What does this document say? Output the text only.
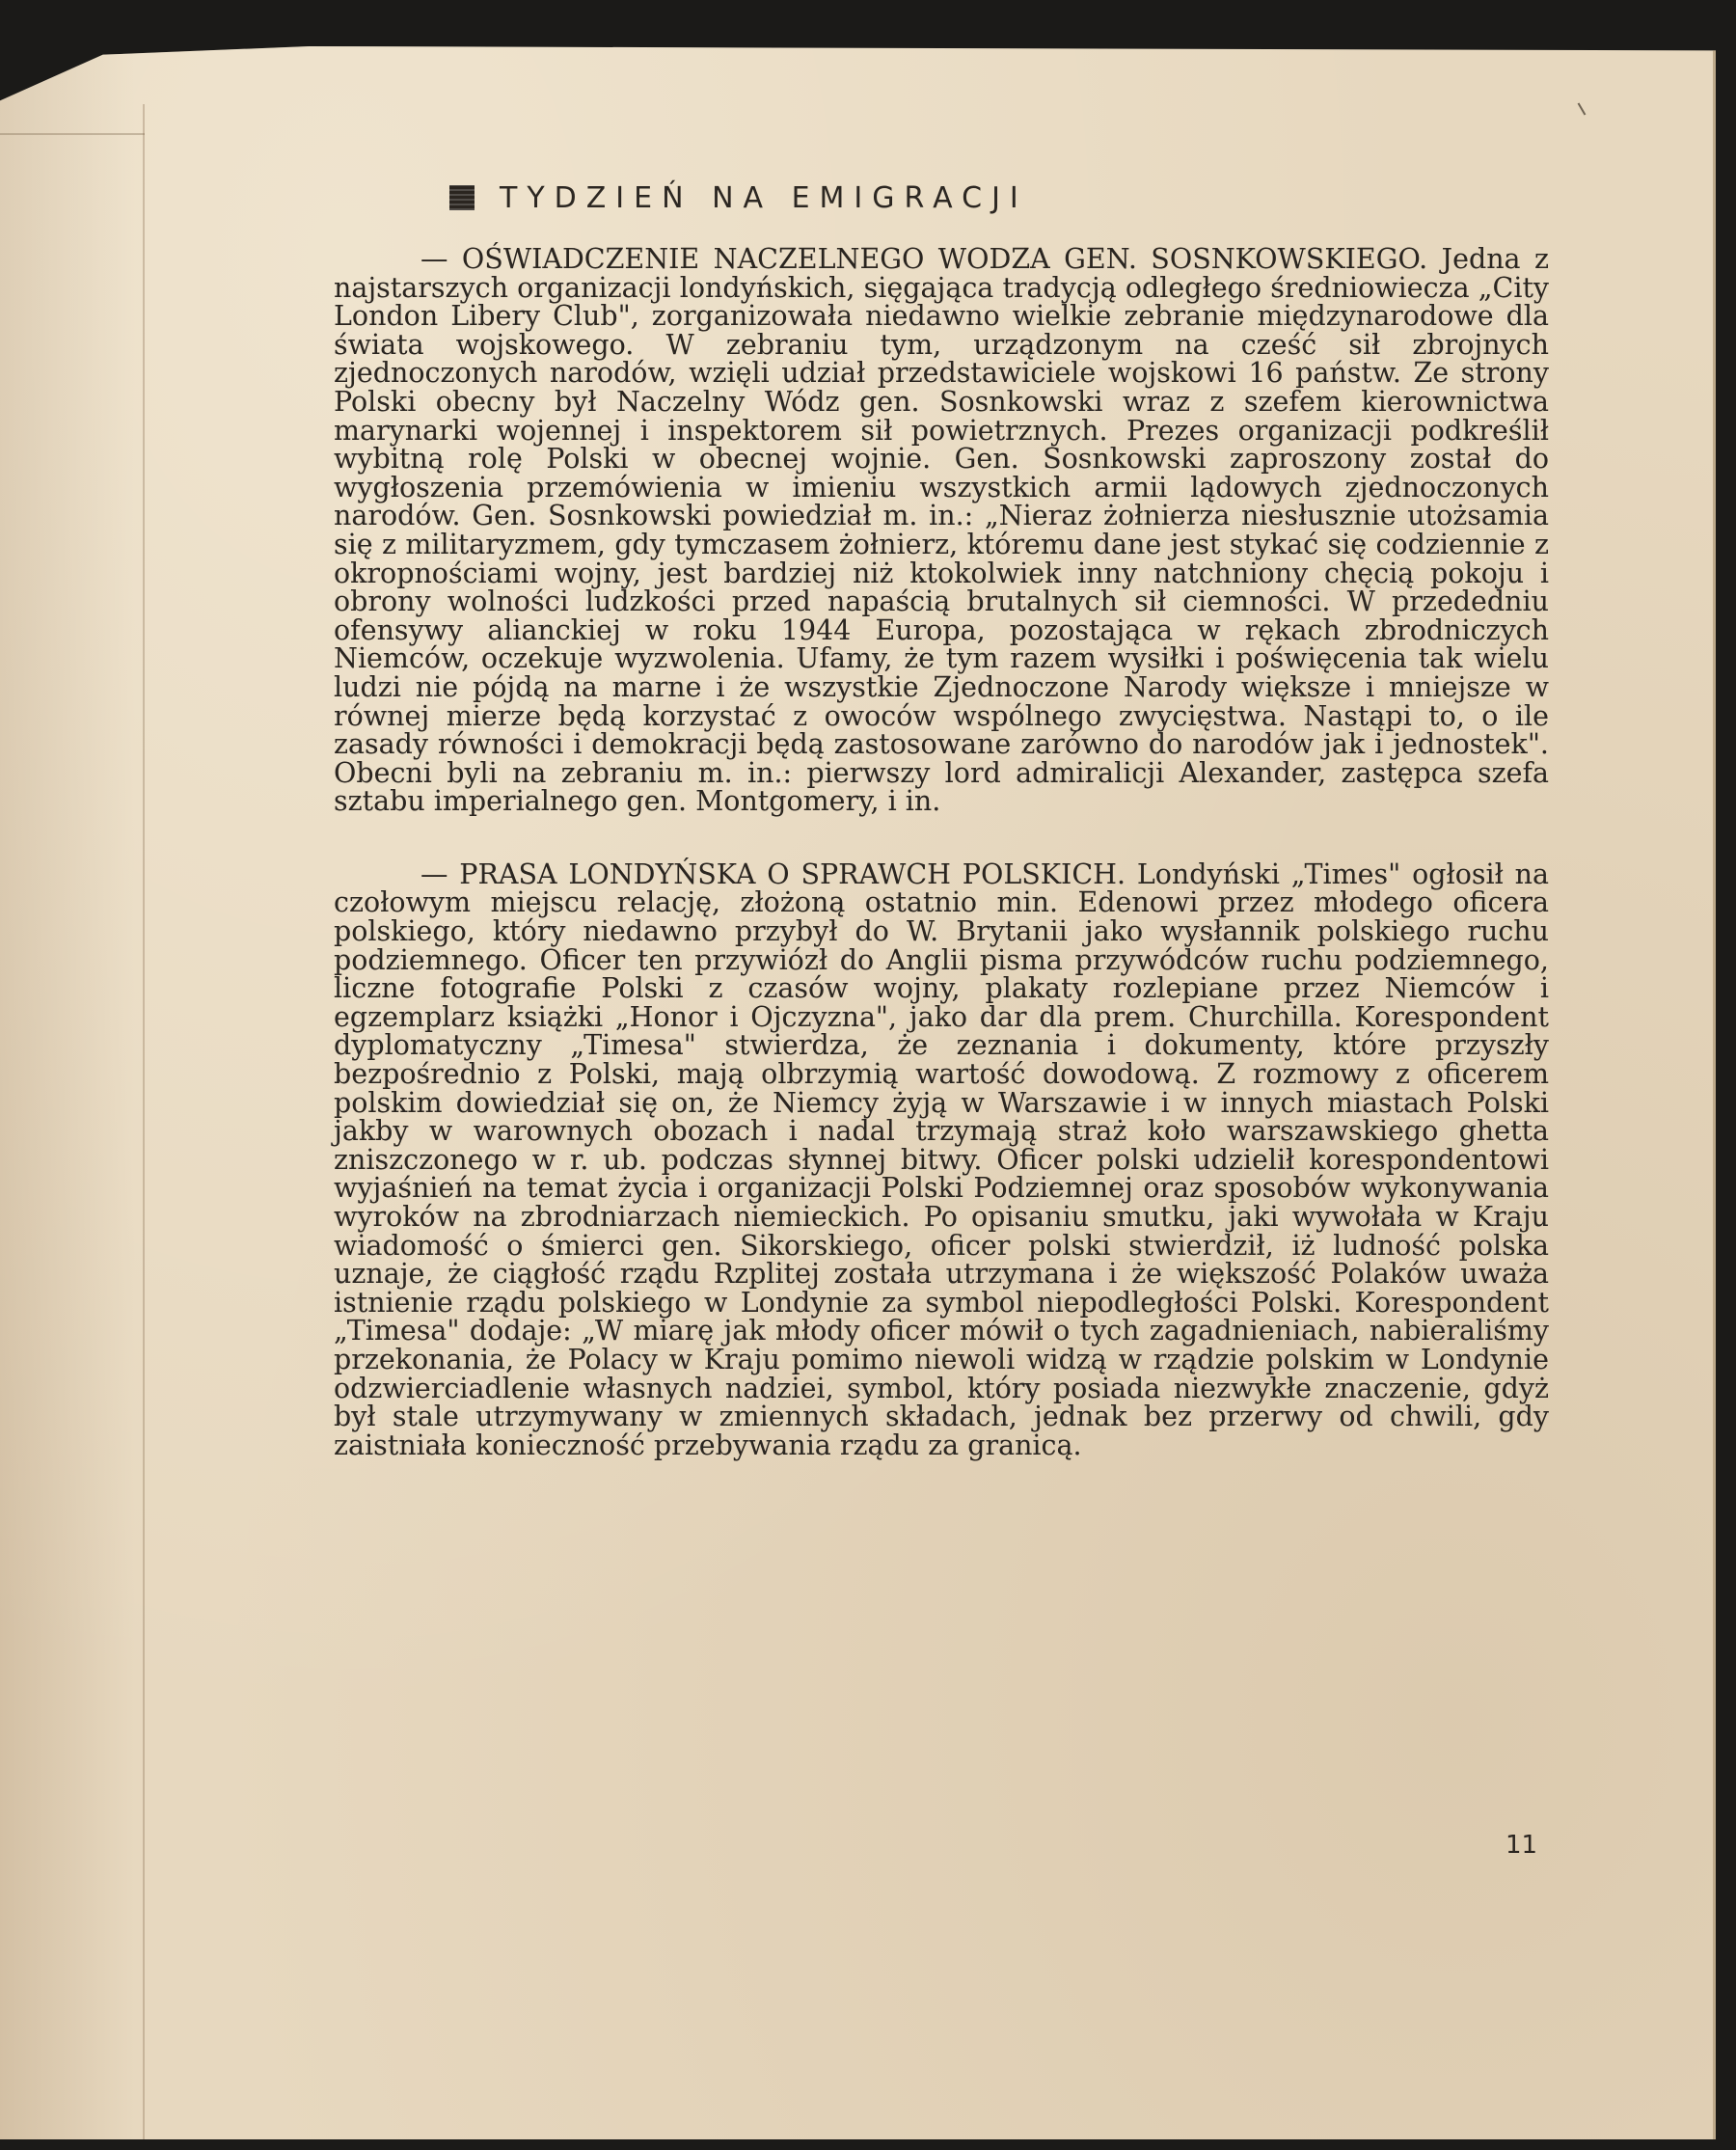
TYDZIEŃ NA EMIGRACJI

— OŚWIADCZENIE NACZELNEGO WODZA GEN. SOSNKOWSKIEGO. Jedna z najstarszych organizacji londyńskich, sięgająca tradycją odległego średniowiecza „City London Libery Club", zorganizowała niedawno wielkie zebranie międzynarodowe dla świata wojskowego. W zebraniu tym, urządzonym na cześć sił zbrojnych zjednoczonych narodów, wzięli udział przedstawiciele wojskowi 16 państw. Ze strony Polski obecny był Naczelny Wódz gen. Sosnkowski wraz z szefem kierownictwa marynarki wojennej i inspektorem sił powietrznych. Prezes organizacji podkreślił wybitną rolę Polski w obecnej wojnie. Gen. Sosnkowski zaproszony został do wygłoszenia przemówienia w imieniu wszystkich armii lądowych zjednoczonych narodów. Gen. Sosnkowski powiedział m. in.: „Nieraz żołnierza niesłusznie utożsamia się z militaryzmem, gdy tymczasem żołnierz, któremu dane jest stykać się codziennie z okropnościami wojny, jest bardziej niż ktokolwiek inny natchniony chęcią pokoju i obrony wolności ludzkości przed napaścią brutalnych sił ciemności. W przededniu ofensywy alianckiej w roku 1944 Europa, pozostająca w rękach zbrodniczych Niemców, oczekuje wyzwolenia. Ufamy, że tym razem wysiłki i poświęcenia tak wielu ludzi nie pójdą na marne i że wszystkie Zjednoczone Narody większe i mniejsze w równej mierze będą korzystać z owoców wspólnego zwycięstwa. Nastąpi to, o ile zasady równości i demokracji będą zastosowane zarówno do narodów jak i jednostek". Obecni byli na zebraniu m. in.: pierwszy lord admiralicji Alexander, zastępca szefa sztabu imperialnego gen. Montgomery, i in.

— PRASA LONDYŃSKA O SPRAWCH POLSKICH. Londyński „Times" ogłosił na czołowym miejscu relację, złożoną ostatnio min. Edenowi przez młodego oficera polskiego, który niedawno przybył do W. Brytanii jako wysłannik polskiego ruchu podziemnego. Oficer ten przywiózł do Anglii pisma przywódców ruchu podziemnego, liczne fotografie Polski z czasów wojny, plakaty rozlepiane przez Niemców i egzemplarz książki „Honor i Ojczyzna", jako dar dla prem. Churchilla. Korespondent dyplomatyczny „Timesa" stwierdza, że zeznania i dokumenty, które przyszły bezpośrednio z Polski, mają olbrzymią wartość dowodową. Z rozmowy z oficerem polskim dowiedział się on, że Niemcy żyją w Warszawie i w innych miastach Polski jakby w warownych obozach i nadal trzymają straż koło warszawskiego ghetta zniszczonego w r. ub. podczas słynnej bitwy. Oficer polski udzielił korespondentowi wyjaśnień na temat życia i organizacji Polski Podziemnej oraz sposobów wykonywania wyroków na zbrodniarzach niemieckich. Po opisaniu smutku, jaki wywołała w Kraju wiadomość o śmierci gen. Sikorskiego, oficer polski stwierdził, iż ludność polska uznaje, że ciągłość rządu Rzplitej została utrzymana i że większość Polaków uważa istnienie rządu polskiego w Londynie za symbol niepodległości Polski. Korespondent „Timesa" dodaje: „W miarę jak młody oficer mówił o tych zagadnieniach, nabieraliśmy przekonania, że Polacy w Kraju pomimo niewoli widzą w rządzie polskim w Londynie odzwierciadlenie własnych nadziei, symbol, który posiada niezwykłe znaczenie, gdyż był stale utrzymywany w zmiennych składach, jednak bez przerwy od chwili, gdy zaistniała konieczność przebywania rządu za granicą.

11
